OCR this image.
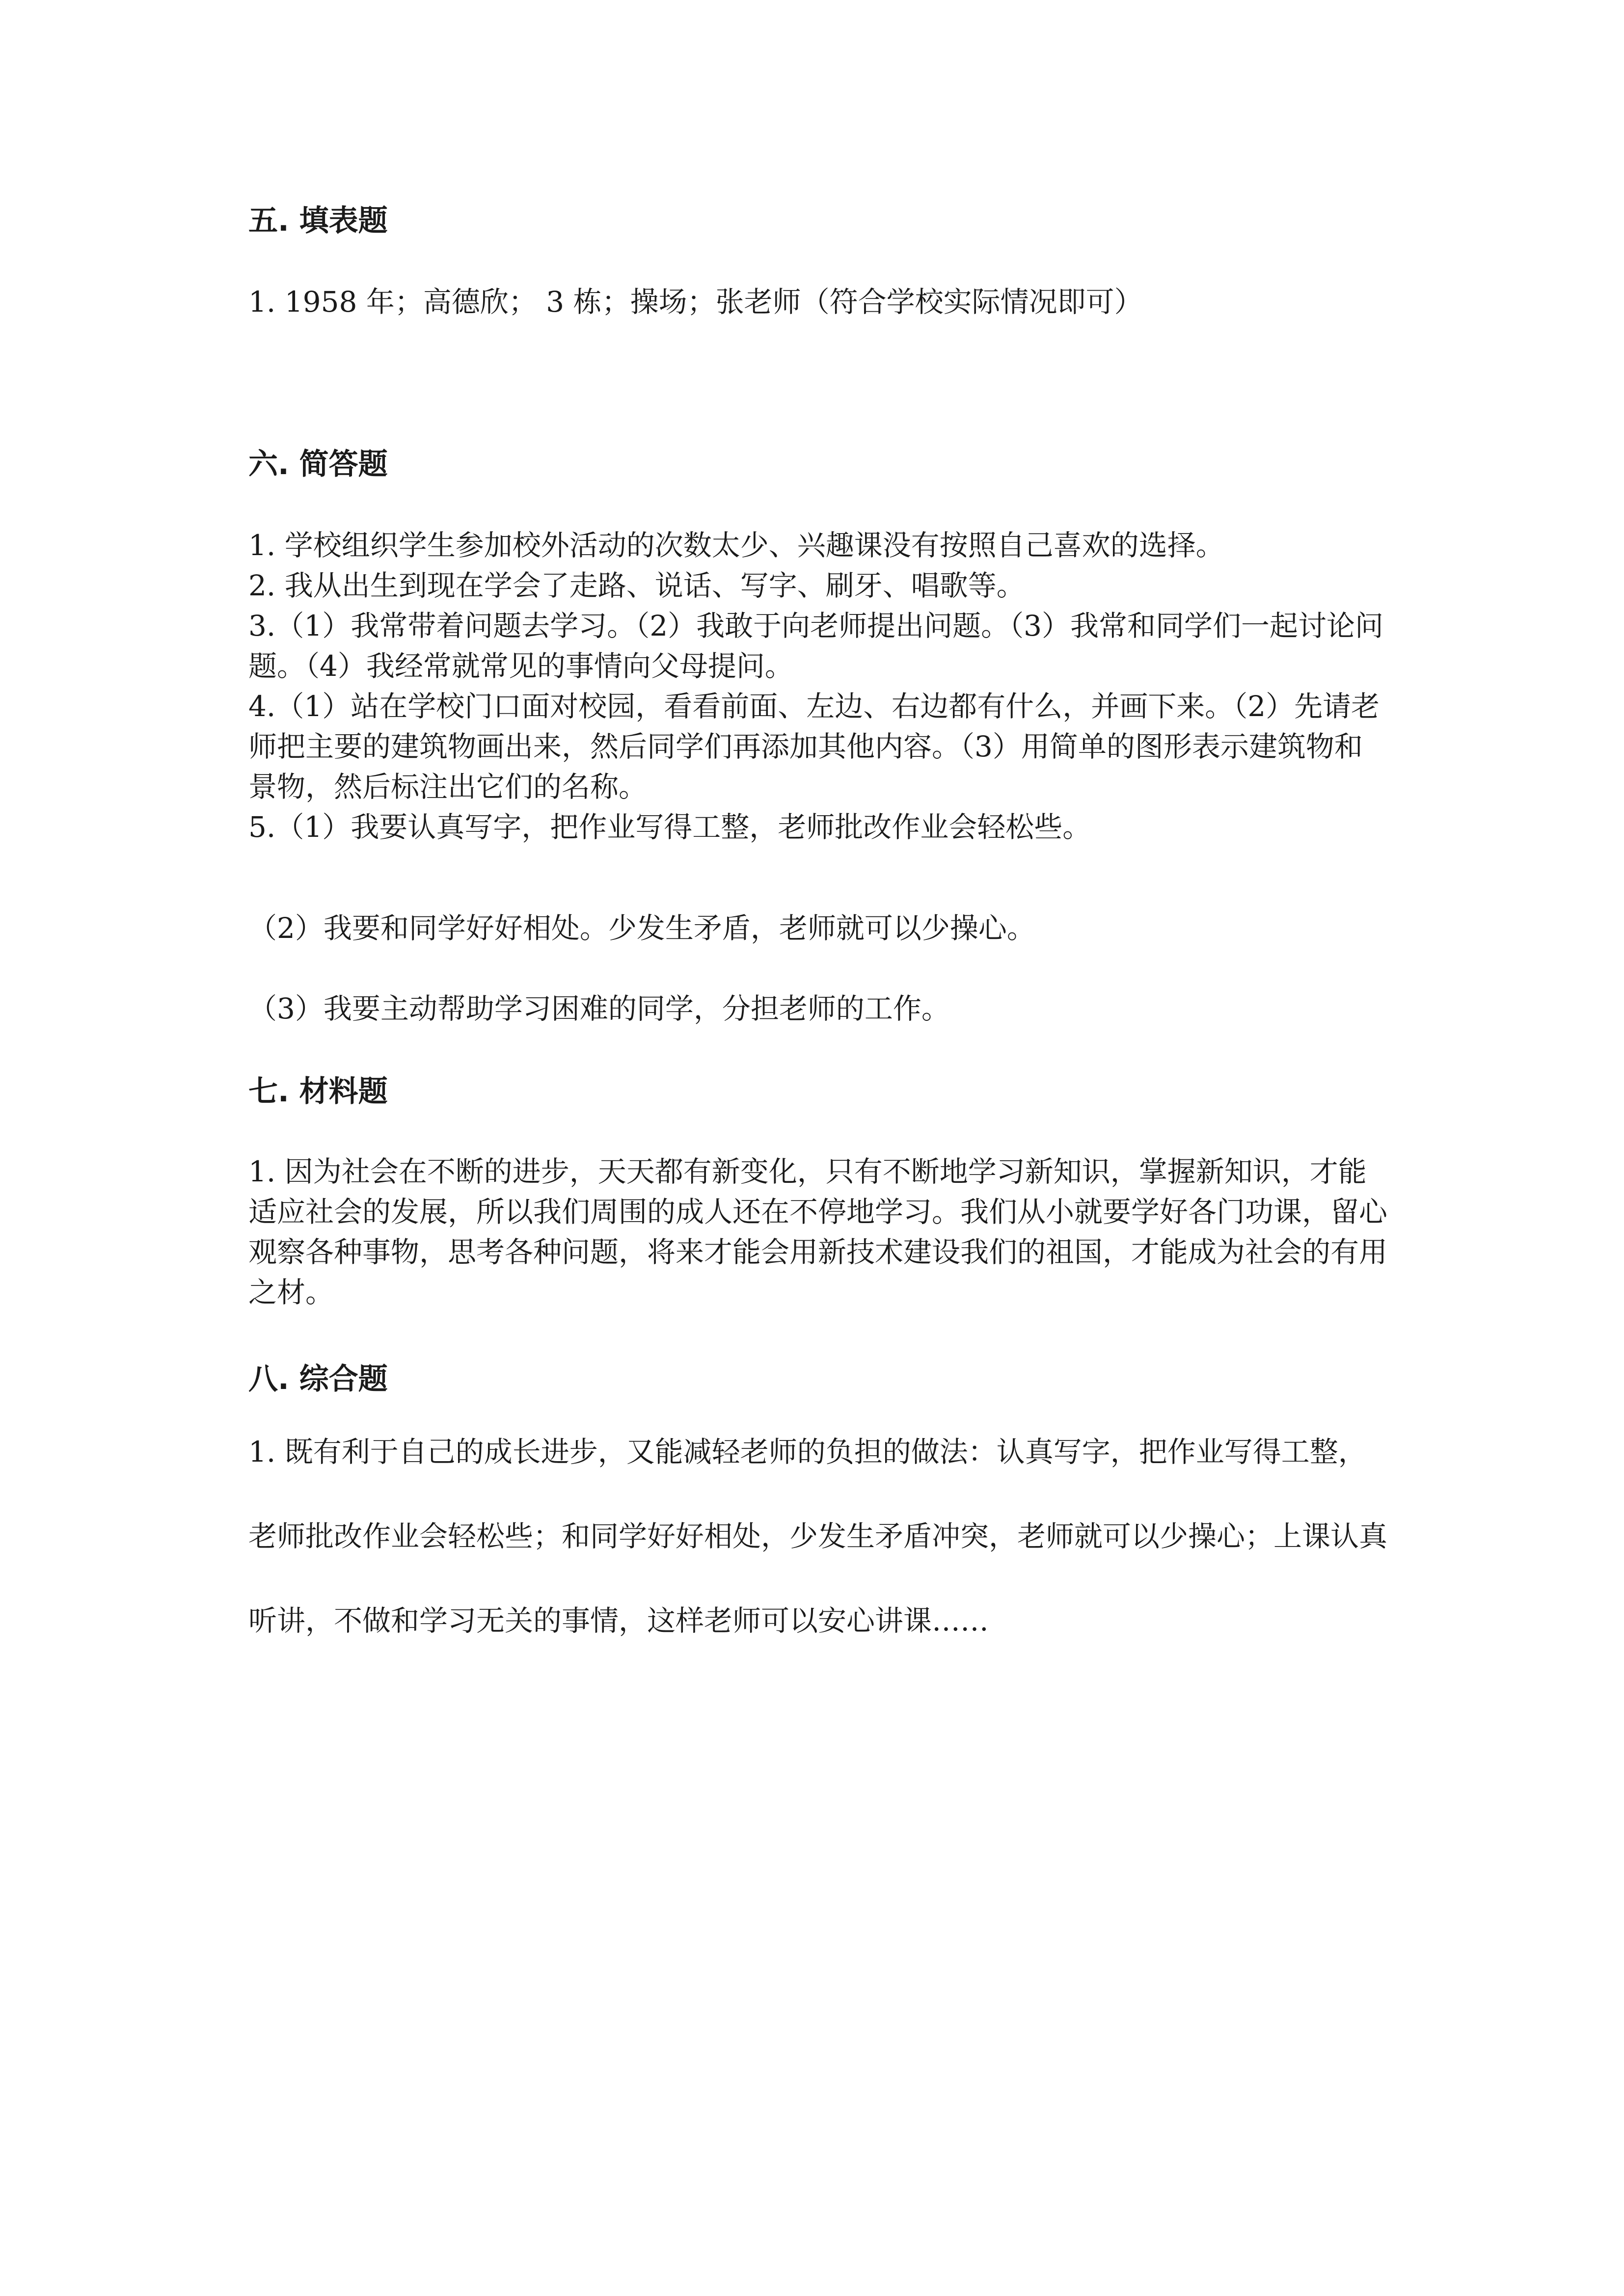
五. 填表题

1. 1958 年；高德欣； 3 栋；操场；张老师（符合学校实际情况即可）

六. 简答题

1. 学校组织学生参加校外活动的次数太少、兴趣课没有按照自己喜欢的选择。

2. 我从出生到现在学会了走路、说话、写字、刷牙、唱歌等。

3.（1）我常带着问题去学习。（2）我敢于向老师提出问题。（3）我常和同学们一起讨论问题。（4）我经常就常见的事情向父母提问。

4.（1）站在学校门口面对校园，看看前面、左边、右边都有什么，并画下来。（2）先请老师把主要的建筑物画出来，然后同学们再添加其他内容。（3）用简单的图形表示建筑物和景物，然后标注出它们的名称。

5.（1）我要认真写字，把作业写得工整，老师批改作业会轻松些。

（2）我要和同学好好相处。少发生矛盾，老师就可以少操心。

（3）我要主动帮助学习困难的同学，分担老师的工作。

七. 材料题

1. 因为社会在不断的进步，天天都有新变化，只有不断地学习新知识，掌握新知识，才能适应社会的发展，所以我们周围的成人还在不停地学习。我们从小就要学好各门功课，留心观察各种事物，思考各种问题，将来才能会用新技术建设我们的祖国，才能成为社会的有用之材。

八. 综合题

1. 既有利于自己的成长进步，又能减轻老师的负担的做法：认真写字，把作业写得工整，老师批改作业会轻松些；和同学好好相处，少发生矛盾冲突，老师就可以少操心；上课认真听讲，不做和学习无关的事情，这样老师可以安心讲课……
